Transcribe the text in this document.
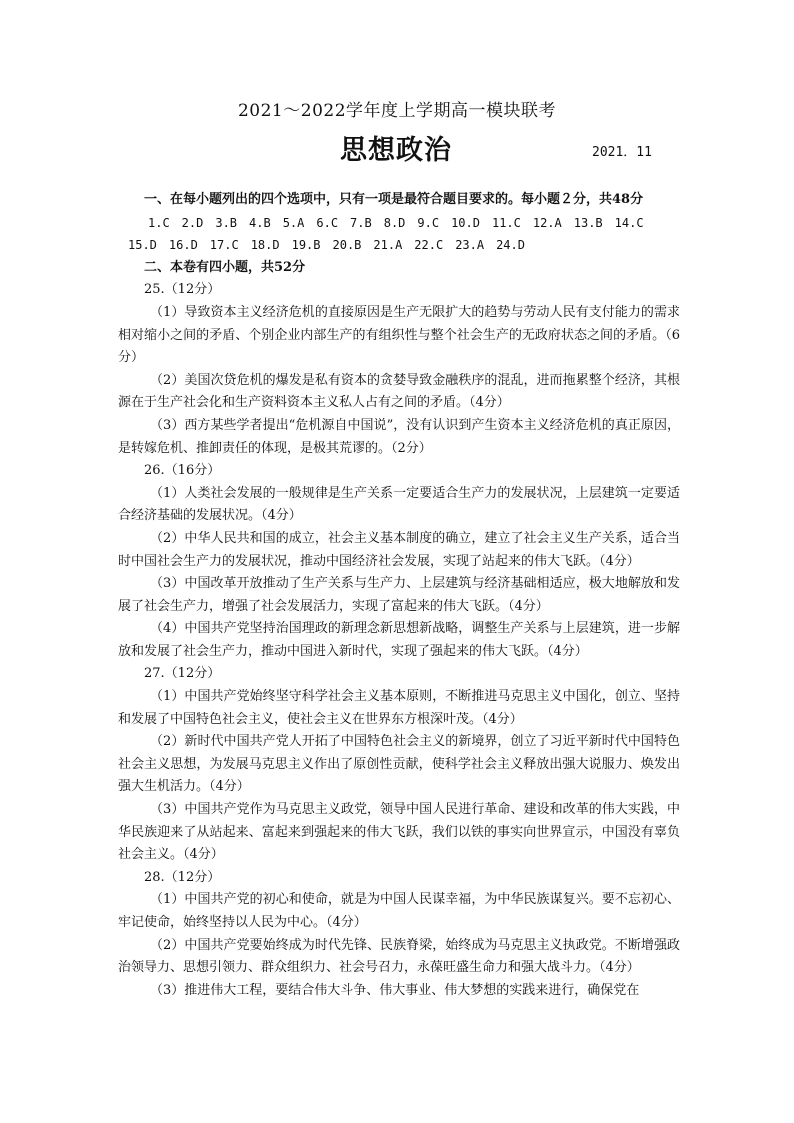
2021～2022学年度上学期高一模块联考
思想政治	2021．11

一、在每小题列出的四个选项中，只有一项是最符合题目要求的。每小题２分，共48分

1.C　2.D　3.B　4.B　5.A　6.C　7.B　8.D　9.C　10.D　11.C　12.A　13.B　14.C

15.D　16.D　17.C　18.D　19.B　20.B　21.A　22.C　23.A　24.D

二、本卷有四小题，共52分

25.（12分）

（1）导致资本主义经济危机的直接原因是生产无限扩大的趋势与劳动人民有支付能力的需求相对缩小之间的矛盾、个别企业内部生产的有组织性与整个社会生产的无政府状态之间的矛盾。（6分）

（2）美国次贷危机的爆发是私有资本的贪婪导致金融秩序的混乱，进而拖累整个经济，其根源在于生产社会化和生产资料资本主义私人占有之间的矛盾。（4分）

（3）西方某些学者提出“危机源自中国说”，没有认识到产生资本主义经济危机的真正原因，是转嫁危机、推卸责任的体现，是极其荒谬的。（2分）

26.（16分）

（1）人类社会发展的一般规律是生产关系一定要适合生产力的发展状况，上层建筑一定要适合经济基础的发展状况。（4分）

（2）中华人民共和国的成立，社会主义基本制度的确立，建立了社会主义生产关系，适合当时中国社会生产力的发展状况，推动中国经济社会发展，实现了站起来的伟大飞跃。（4分）

（3）中国改革开放推动了生产关系与生产力、上层建筑与经济基础相适应，极大地解放和发展了社会生产力，增强了社会发展活力，实现了富起来的伟大飞跃。（4分）

（4）中国共产党坚持治国理政的新理念新思想新战略，调整生产关系与上层建筑，进一步解放和发展了社会生产力，推动中国进入新时代，实现了强起来的伟大飞跃。（4分）

27.（12分）

（1）中国共产党始终坚守科学社会主义基本原则，不断推进马克思主义中国化，创立、坚持和发展了中国特色社会主义，使社会主义在世界东方根深叶茂。（4分）

（2）新时代中国共产党人开拓了中国特色社会主义的新境界，创立了习近平新时代中国特色社会主义思想，为发展马克思主义作出了原创性贡献，使科学社会主义释放出强大说服力、焕发出强大生机活力。（4分）

（3）中国共产党作为马克思主义政党，领导中国人民进行革命、建设和改革的伟大实践，中华民族迎来了从站起来、富起来到强起来的伟大飞跃，我们以铁的事实向世界宣示，中国没有辜负社会主义。（4分）

28.（12分）

（1）中国共产党的初心和使命，就是为中国人民谋幸福，为中华民族谋复兴。要不忘初心、牢记使命，始终坚持以人民为中心。（4分）

（2）中国共产党要始终成为时代先锋、民族脊梁，始终成为马克思主义执政党。不断增强政治领导力、思想引领力、群众组织力、社会号召力，永葆旺盛生命力和强大战斗力。（4分）

（3）推进伟大工程，要结合伟大斗争、伟大事业、伟大梦想的实践来进行，确保党在
